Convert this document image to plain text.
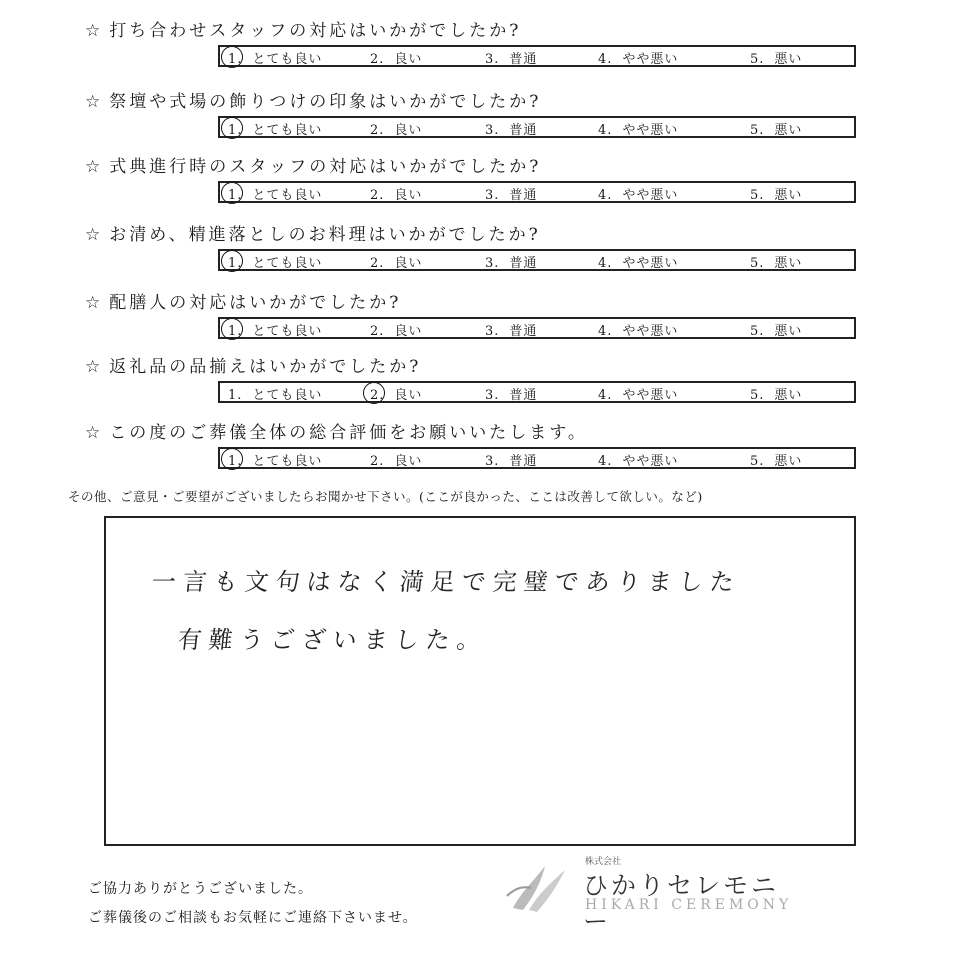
☆ 打ち合わせスタッフの対応はいかがでしたか?
1. とても良い	2. 良い	3. 普通	4. やや悪い	5. 悪い
☆ 祭壇や式場の飾りつけの印象はいかがでしたか?
1. とても良い	2. 良い	3. 普通	4. やや悪い	5. 悪い
☆ 式典進行時のスタッフの対応はいかがでしたか?
1. とても良い	2. 良い	3. 普通	4. やや悪い	5. 悪い
☆ お清め、精進落としのお料理はいかがでしたか?
1. とても良い	2. 良い	3. 普通	4. やや悪い	5. 悪い
☆ 配膳人の対応はいかがでしたか?
1. とても良い	2. 良い	3. 普通	4. やや悪い	5. 悪い
☆ 返礼品の品揃えはいかがでしたか?
1. とても良い	2. 良い	3. 普通	4. やや悪い	5. 悪い
☆ この度のご葬儀全体の総合評価をお願いいたします。
1. とても良い	2. 良い	3. 普通	4. やや悪い	5. 悪い
その他、ご意見・ご要望がございましたらお聞かせ下さい。(ここが良かった、ここは改善して欲しい。など)
一言も文句はなく満足で完璧でありました
有難うございました。
ご協力ありがとうございました。
ご葬儀後のご相談もお気軽にご連絡下さいませ。
株式会社
ひかりセレモニー
HIKARI CEREMONY
